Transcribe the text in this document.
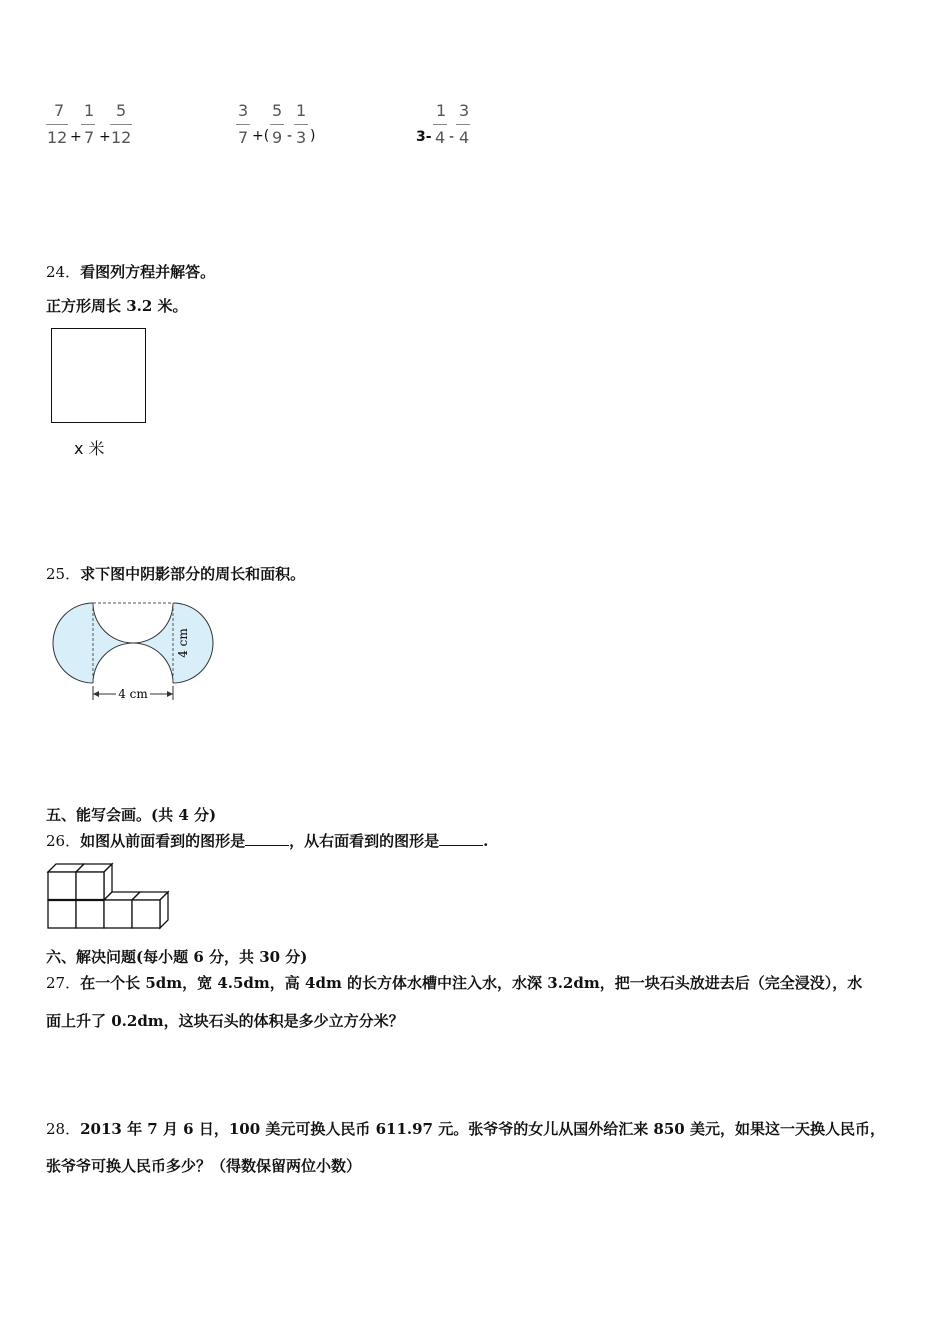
7
12 +
1
7 +
5
12
3
7 +(
5
9 -
1
3 )	3-
1
4 -
3
4
24．看图列方程并解答。
正方形周长 3.2 米。
x 米
25．求下图中阴影部分的周长和面积。
4 cm
4 cm
五、能写会画。(共 4 分)
26．如图从前面看到的图形是	，从右面看到的图形是	.
六、解决问题(每小题 6 分，共 30 分)
27．在一个长 5dm，宽 4.5dm，高 4dm 的长方体水槽中注入水，水深 3.2dm，把一块石头放进去后（完全浸没），水
面上升了 0.2dm，这块石头的体积是多少立方分米？
28．2013 年 7 月 6 日，100 美元可换人民币 611.97 元。张爷爷的女儿从国外给汇来 850 美元，如果这一天换人民币，
张爷爷可换人民币多少？（得数保留两位小数）
